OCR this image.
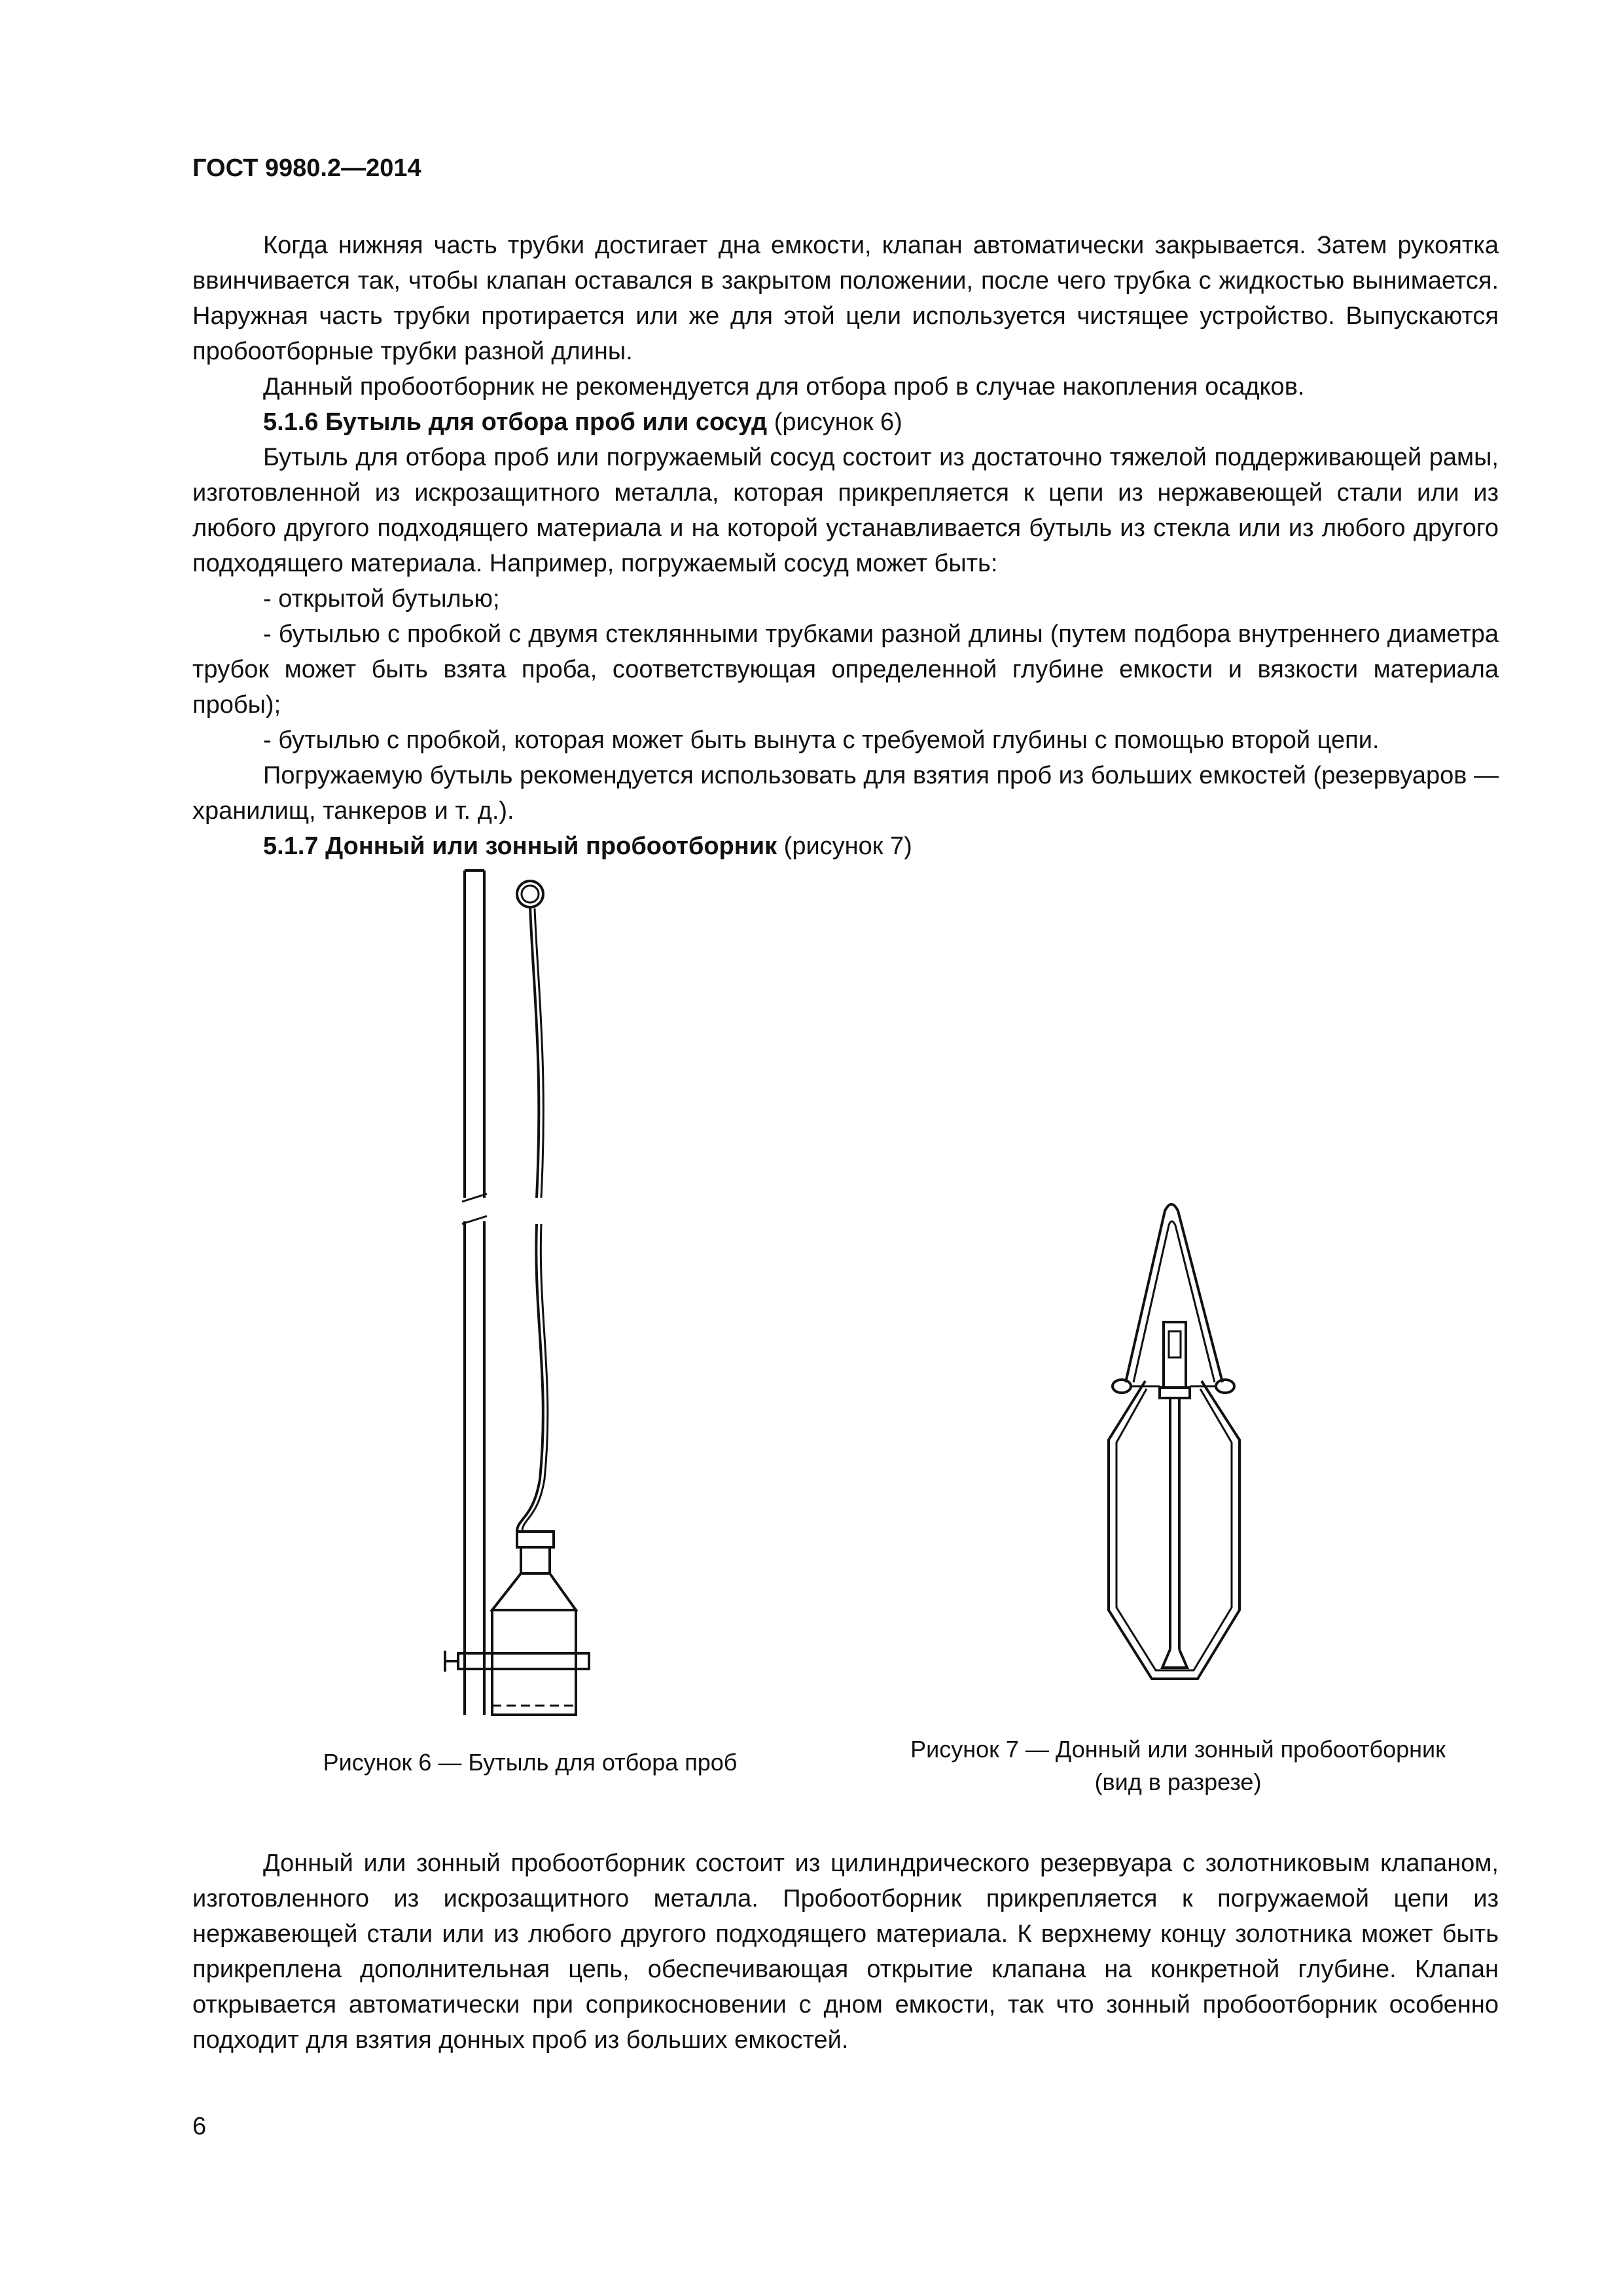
ГОСТ 9980.2—2014

Когда нижняя часть трубки достигает дна емкости, клапан автоматически закрывается. Затем рукоятка ввинчивается так, чтобы клапан оставался в закрытом положении, после чего трубка с жидкостью вынимается. Наружная часть трубки протирается или же для этой цели используется чистящее устройство. Выпускаются пробоотборные трубки разной длины.

Данный пробоотборник не рекомендуется для отбора проб в случае накопления осадков.

5.1.6 Бутыль для отбора проб или сосуд (рисунок 6)

Бутыль для отбора проб или погружаемый сосуд состоит из достаточно тяжелой поддерживающей рамы, изготовленной из искрозащитного металла, которая прикрепляется к цепи из нержавеющей стали или из любого другого подходящего материала и на которой устанавливается бутыль из стекла или из любого другого подходящего материала. Например, погружаемый сосуд может быть:

- открытой бутылью;

- бутылью с пробкой с двумя стеклянными трубками разной длины (путем подбора внутреннего диаметра трубок может быть взята проба, соответствующая определенной глубине емкости и вязкости материала пробы);

- бутылью с пробкой, которая может быть вынута с требуемой глубины с помощью второй цепи.

Погружаемую бутыль рекомендуется использовать для взятия проб из больших емкостей (резервуаров — хранилищ, танкеров и т. д.).

5.1.7 Донный или зонный пробоотборник (рисунок 7)

Рисунок 6 — Бутыль для отбора проб	Рисунок 7 — Донный или зонный пробоотборник
(вид в разрезе)

Донный или зонный пробоотборник состоит из цилиндрического резервуара с золотниковым клапаном, изготовленного из искрозащитного металла. Пробоотборник прикрепляется к погружаемой цепи из нержавеющей стали или из любого другого подходящего материала. К верхнему концу золотника может быть прикреплена дополнительная цепь, обеспечивающая открытие клапана на конкретной глубине. Клапан открывается автоматически при соприкосновении с дном емкости, так что зонный пробоотборник особенно подходит для взятия донных проб из больших емкостей.

6
